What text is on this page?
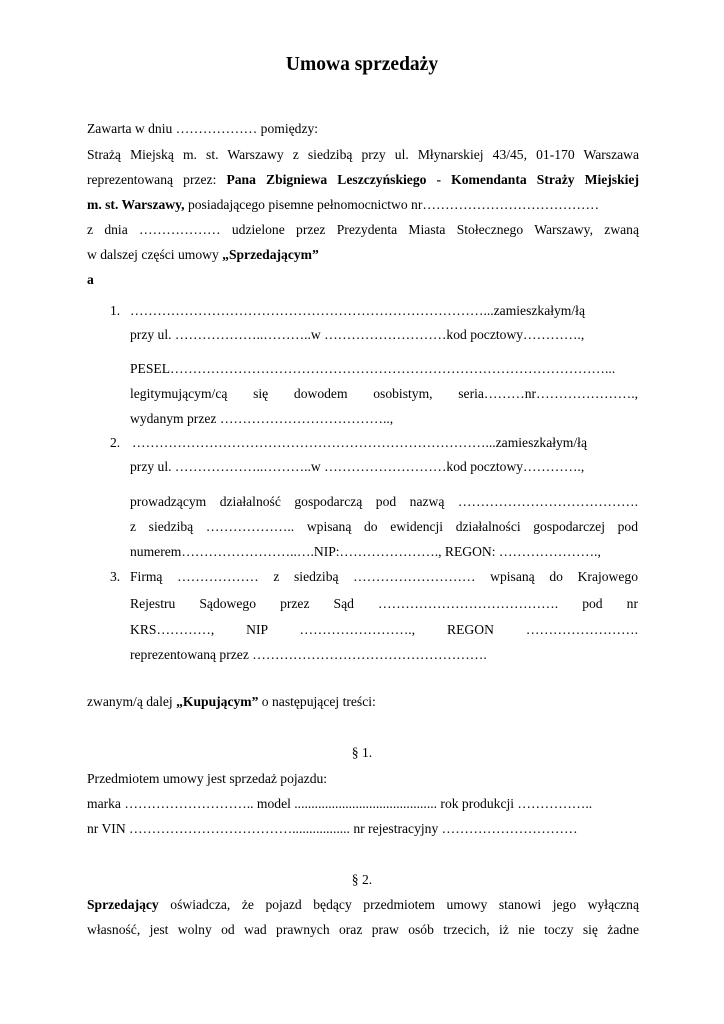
Umowa sprzedaży
Zawarta w dniu ……………… pomiędzy:
Strażą Miejską m. st. Warszawy z siedzibą przy ul. Młynarskiej 43/45, 01-170 Warszawa
reprezentowaną przez: Pana Zbigniewa Leszczyńskiego - Komendanta Straży Miejskiej
m. st. Warszawy, posiadającego pisemne pełnomocnictwo nr…………………………………
z dnia ……………… udzielone przez Prezydenta Miasta Stołecznego Warszawy, zwaną
w dalszej części umowy „Sprzedającym”
a
1. ……………………………………………………………………...zamieszkałym/łą
przy ul. ………………..………..w ………………………kod pocztowy………….,
PESEL……………………………………………………………………………………...
legitymującym/cą się dowodem osobistym, seria………nr………………….,
wydanym przez ………………………………..,
2. ……………………………………………………………………...zamieszkałym/łą
przy ul. ………………..………..w ………………………kod pocztowy………….,
prowadzącym działalność gospodarczą pod nazwą ………………………………….
z siedzibą ……………….. wpisaną do ewidencji działalności gospodarczej pod
numerem……………………..….NIP:…………………., REGON: ………………….,
3. Firmą ……………… z siedzibą ……………………… wpisaną do Krajowego
Rejestru Sądowego przez Sąd …………………………………. pod nr
KRS…………, NIP ……………………., REGON …………………….
reprezentowaną przez …………………………………………….
zwanym/ą dalej „Kupującym” o następującej treści:
§ 1.
Przedmiotem umowy jest sprzedaż pojazdu:
marka ……………………….. model .......................................... rok produkcji ……………..
nr VIN ………………………………................. nr rejestracyjny …………………………
§ 2.
Sprzedający oświadcza, że pojazd będący przedmiotem umowy stanowi jego wyłączną
własność, jest wolny od wad prawnych oraz praw osób trzecich, iż nie toczy się żadne
